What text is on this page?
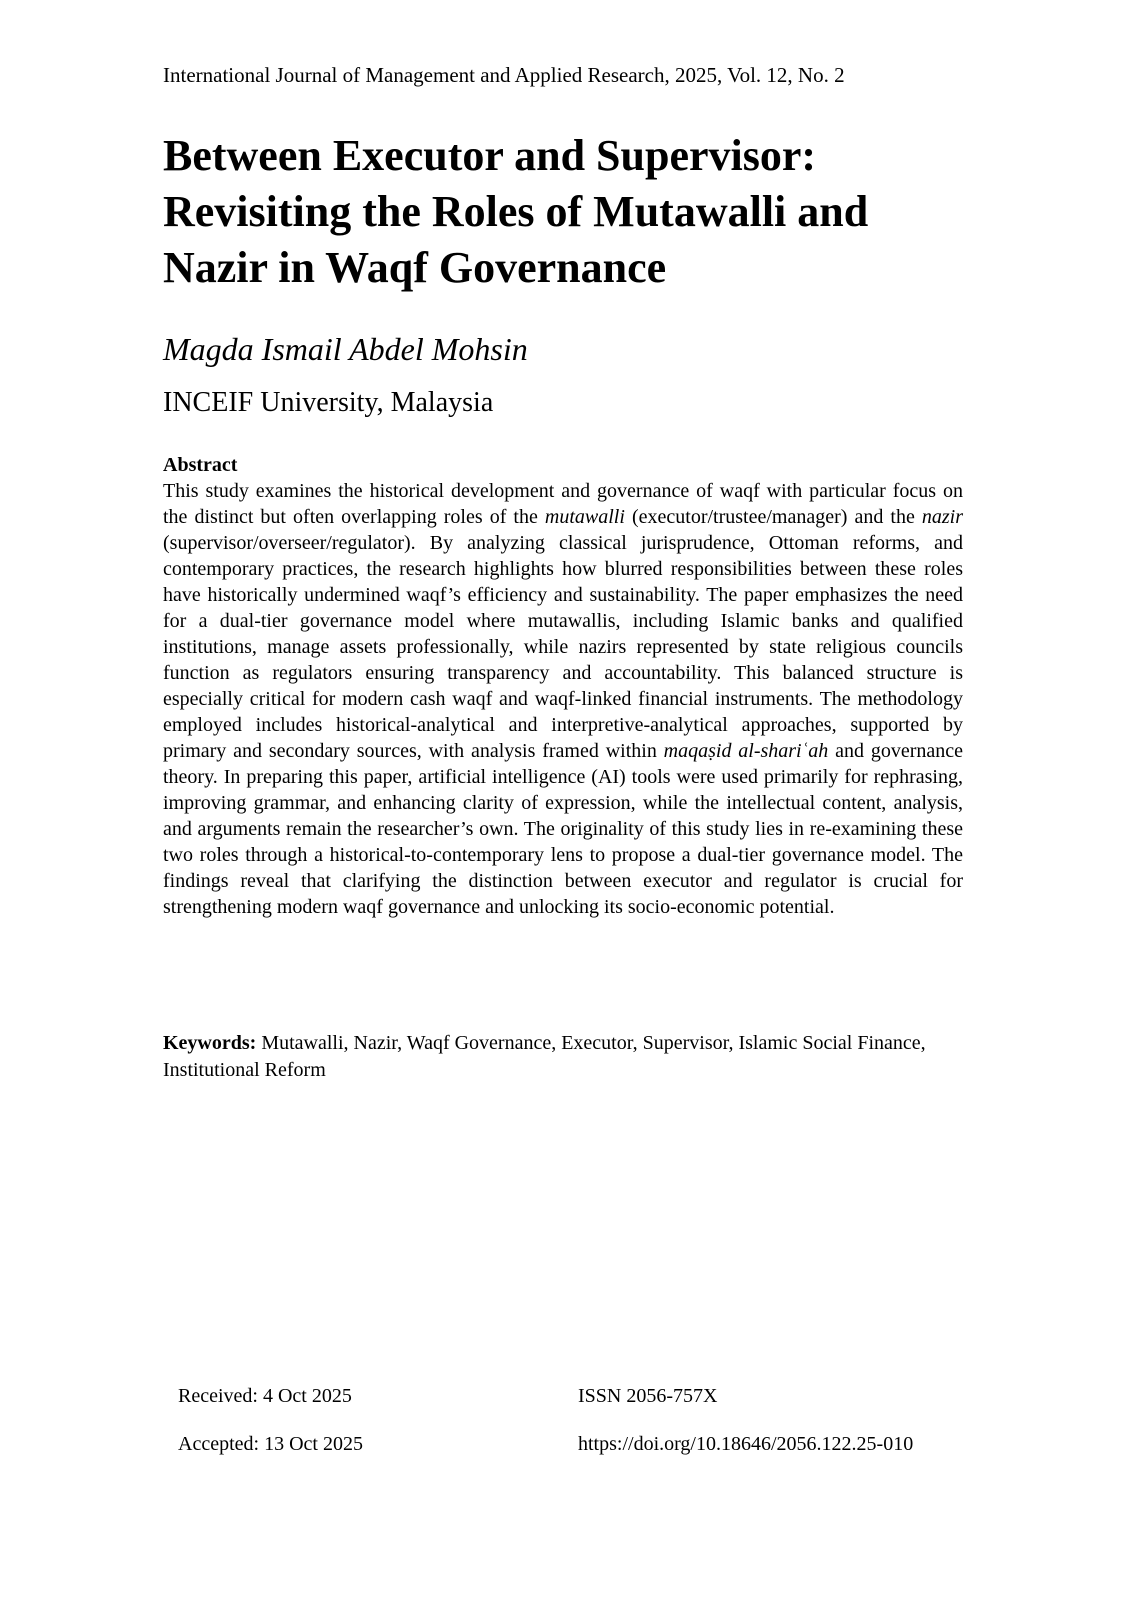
International Journal of Management and Applied Research, 2025, Vol. 12, No. 2
Between Executor and Supervisor:
Revisiting the Roles of Mutawalli and
Nazir in Waqf Governance
Magda Ismail Abdel Mohsin
INCEIF University, Malaysia
Abstract

This study examines the historical development and governance of waqf with particular focus on the distinct but often overlapping roles of the mutawalli (executor/trustee/manager) and the nazir (supervisor/overseer/regulator). By analyzing classical jurisprudence, Ottoman reforms, and contemporary practices, the research highlights how blurred responsibilities between these roles have historically undermined waqf’s efficiency and sustainability. The paper emphasizes the need for a dual-tier governance model where mutawallis, including Islamic banks and qualified institutions, manage assets professionally, while nazirs represented by state religious councils function as regulators ensuring transparency and accountability. This balanced structure is especially critical for modern cash waqf and waqf-linked financial instruments. The methodology employed includes historical-analytical and interpretive-analytical approaches, supported by primary and secondary sources, with analysis framed within maqaṣid al-shariʿah and governance theory. In preparing this paper, artificial intelligence (AI) tools were used primarily for rephrasing, improving grammar, and enhancing clarity of expression, while the intellectual content, analysis, and arguments remain the researcher’s own. The originality of this study lies in re-examining these two roles through a historical-to-contemporary lens to propose a dual-tier governance model. The findings reveal that clarifying the distinction between executor and regulator is crucial for strengthening modern waqf governance and unlocking its socio-economic potential.

Keywords: Mutawalli, Nazir, Waqf Governance, Executor, Supervisor, Islamic Social Finance, Institutional Reform
Received: 4 Oct 2025
Accepted: 13 Oct 2025
ISSN 2056-757X
https://doi.org/10.18646/2056.122.25-010
